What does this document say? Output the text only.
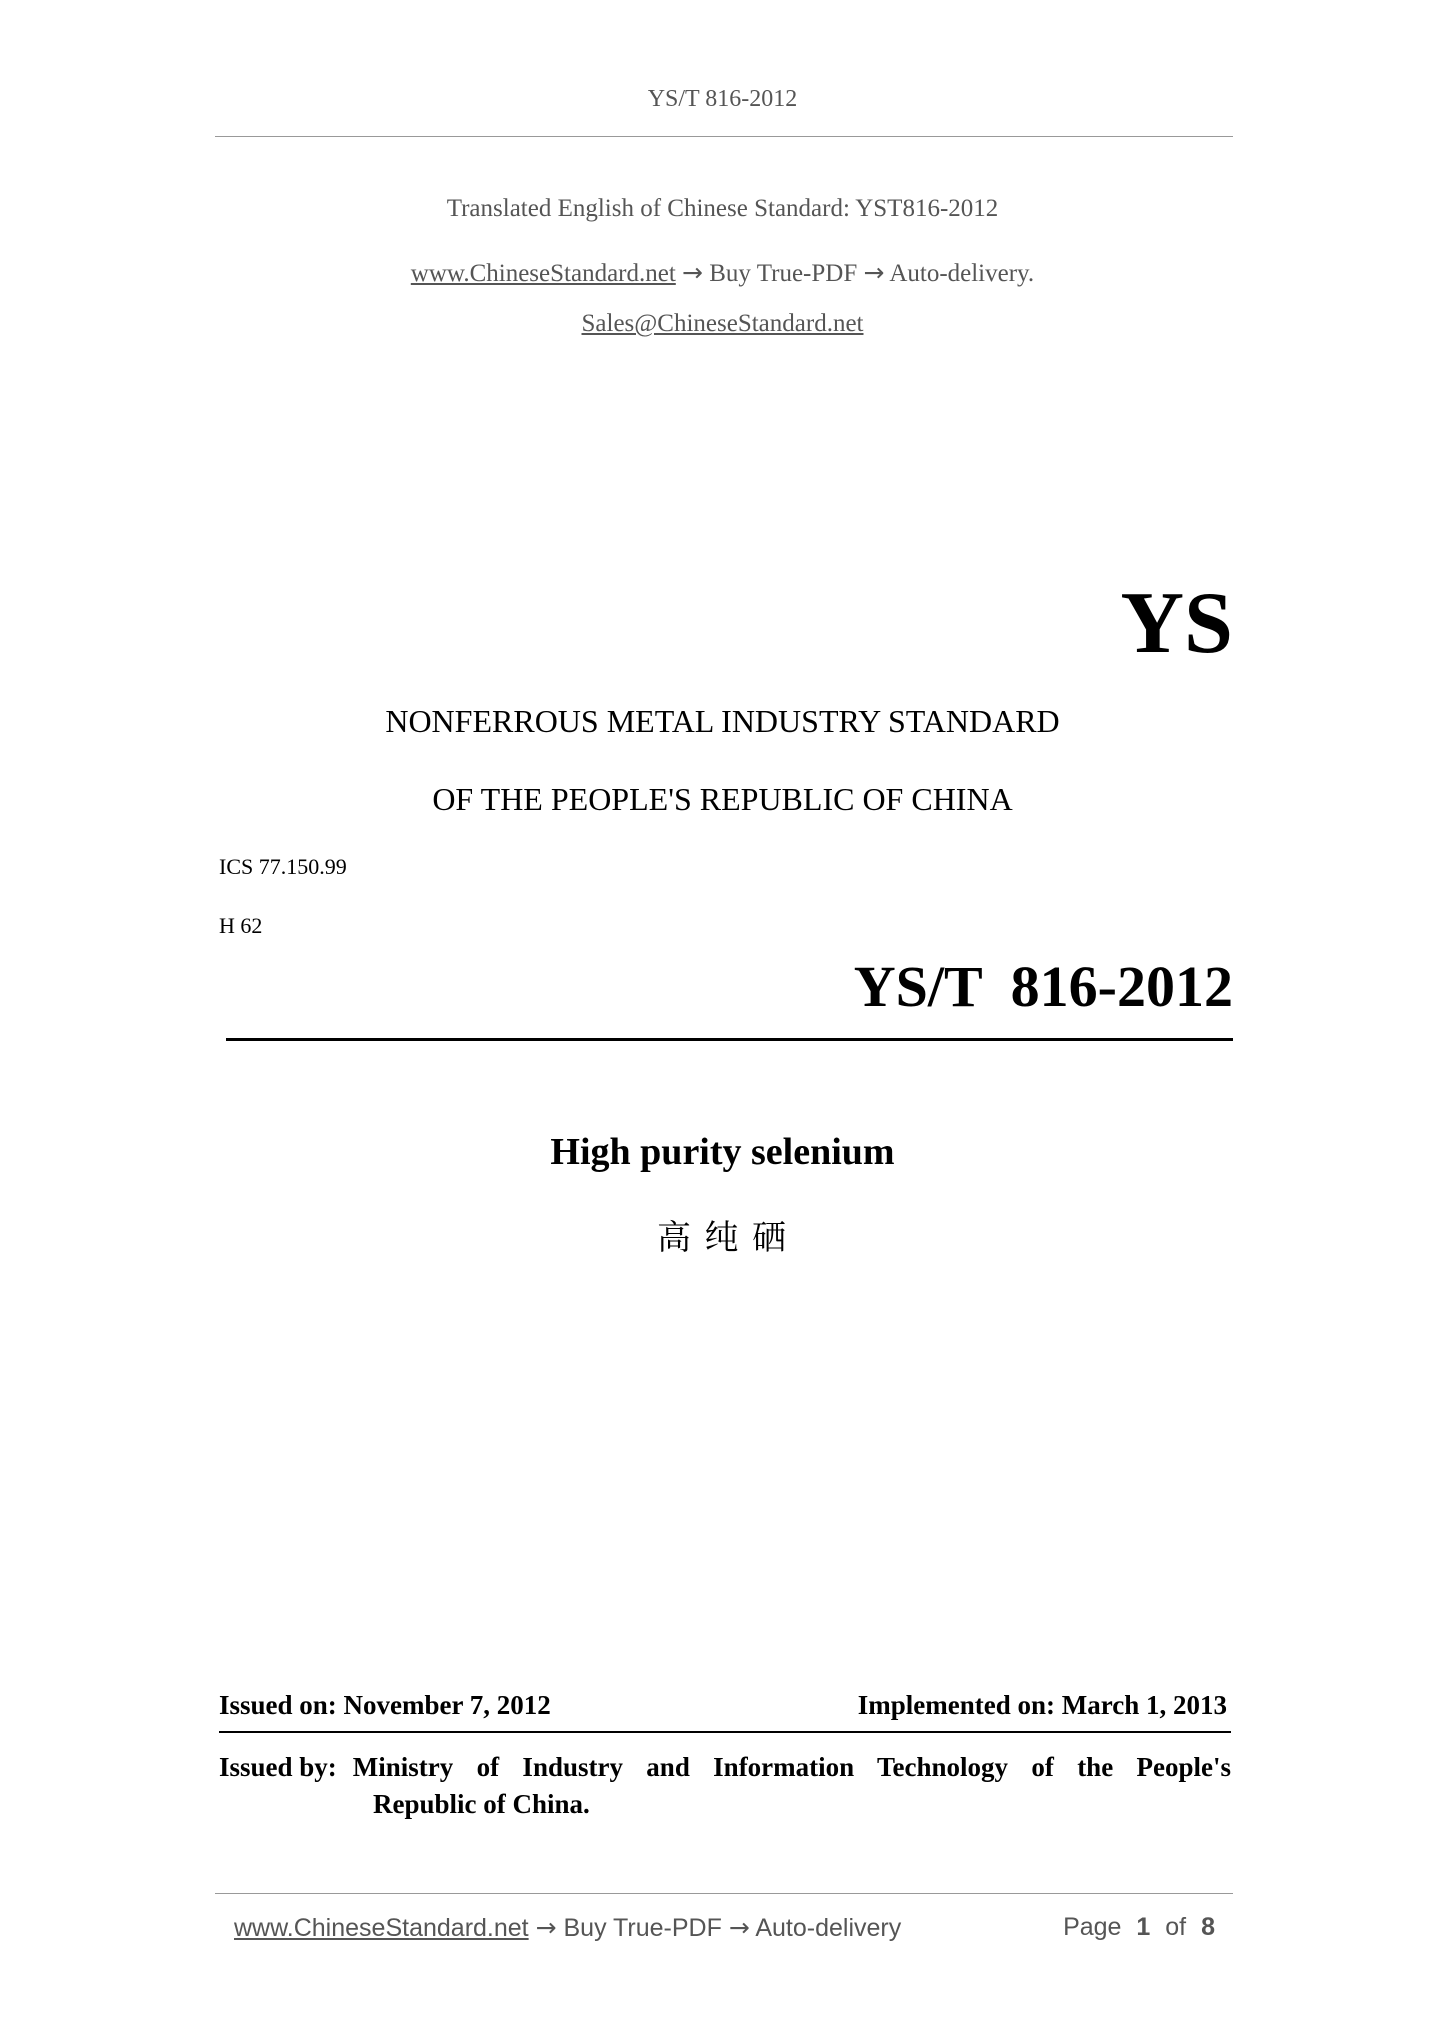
YS/T 816-2012
Translated English of Chinese Standard: YST816-2012
www.ChineseStandard.net → Buy True-PDF → Auto-delivery.
Sales@ChineseStandard.net
YS
NONFERROUS METAL INDUSTRY STANDARD
OF THE PEOPLE'S REPUBLIC OF CHINA
ICS 77.150.99
H 62
YS/T  816-2012
High purity selenium
高 纯 硒
Issued on: November 7, 2012	Implemented on: March 1, 2013
Issued by: Ministry of Industry and Information Technology of the People's
Republic of China.
www.ChineseStandard.net → Buy True-PDF → Auto-delivery	Page 1 of 8
